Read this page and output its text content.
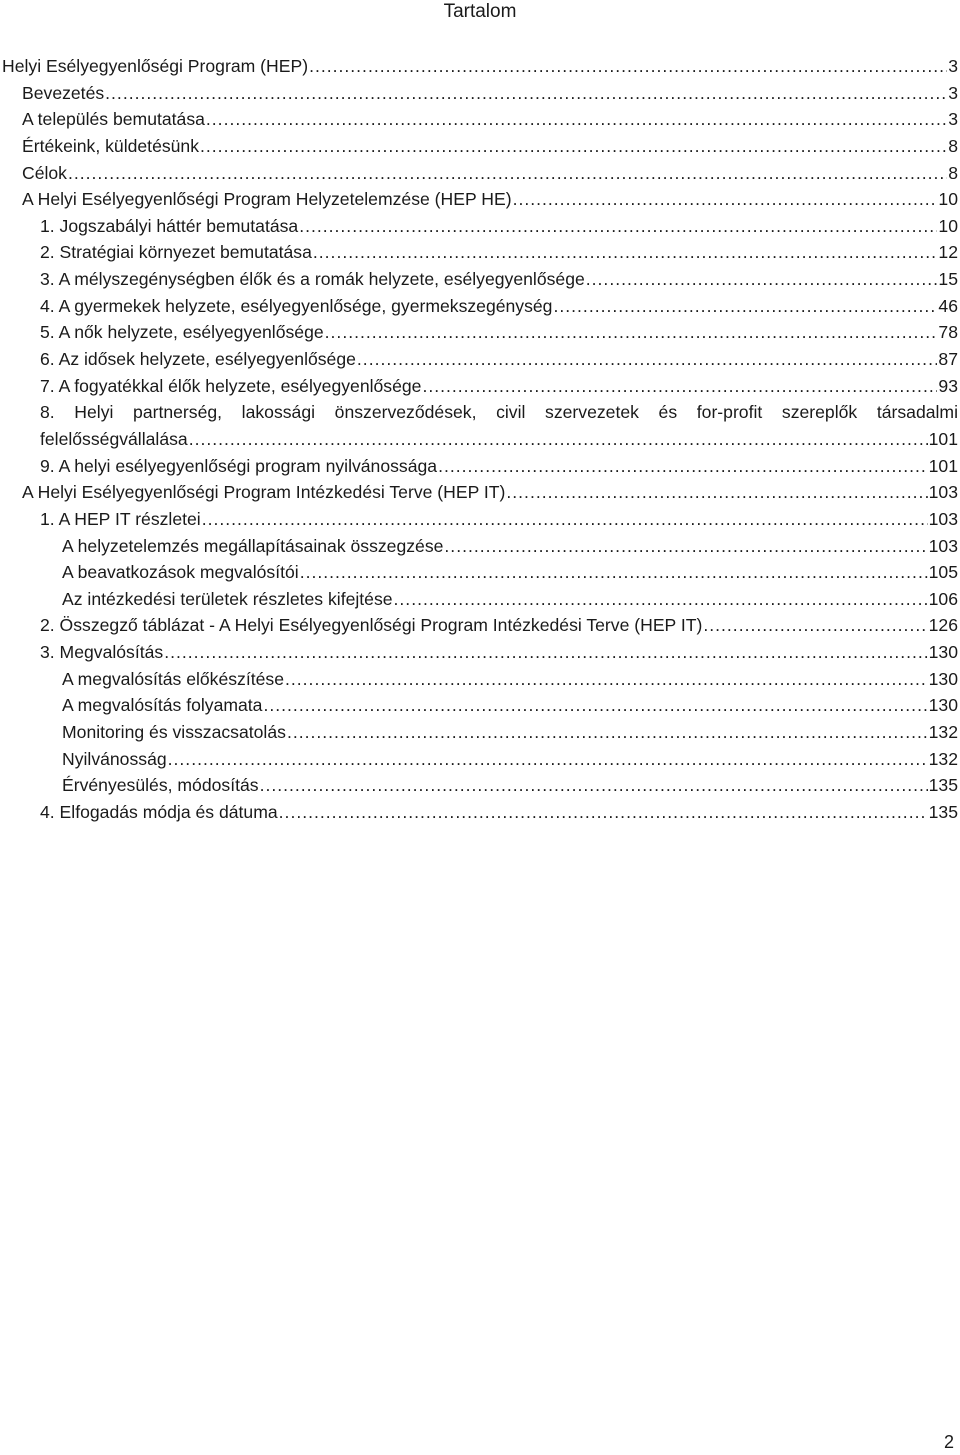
Tartalom
Helyi Esélyegyenlőségi Program (HEP) .....	3
Bevezetés .....	3
A település bemutatása .....	3
Értékeink, küldetésünk .....	8
Célok .....	8
A Helyi Esélyegyenlőségi Program Helyzetelemzése (HEP HE) .....	10
1. Jogszabályi háttér bemutatása .....	10
2. Stratégiai környezet bemutatása .....	12
3. A mélyszegénységben élők és a romák helyzete, esélyegyenlősége .....	15
4. A gyermekek helyzete, esélyegyenlősége, gyermekszegénység .....	46
5. A nők helyzete, esélyegyenlősége .....	78
6. Az idősek helyzete, esélyegyenlősége .....	87
7. A fogyatékkal élők helyzete, esélyegyenlősége .....	93
8. Helyi partnerség, lakossági önszerveződések, civil szervezetek és for-profit szereplők társadalmi
felelősségvállalása .....	101
9. A helyi esélyegyenlőségi program nyilvánossága .....	101
A Helyi Esélyegyenlőségi Program Intézkedési Terve (HEP IT) .....	103
1. A HEP IT részletei .....	103
A helyzetelemzés megállapításainak összegzése .....	103
A beavatkozások megvalósítói .....	105
Az intézkedési területek részletes kifejtése .....	106
2. Összegző táblázat - A Helyi Esélyegyenlőségi Program Intézkedési Terve (HEP IT) .....	126
3. Megvalósítás .....	130
A megvalósítás előkészítése .....	130
A megvalósítás folyamata .....	130
Monitoring és visszacsatolás .....	132
Nyilvánosság .....	132
Érvényesülés, módosítás .....	135
4. Elfogadás módja és dátuma .....	135
2
